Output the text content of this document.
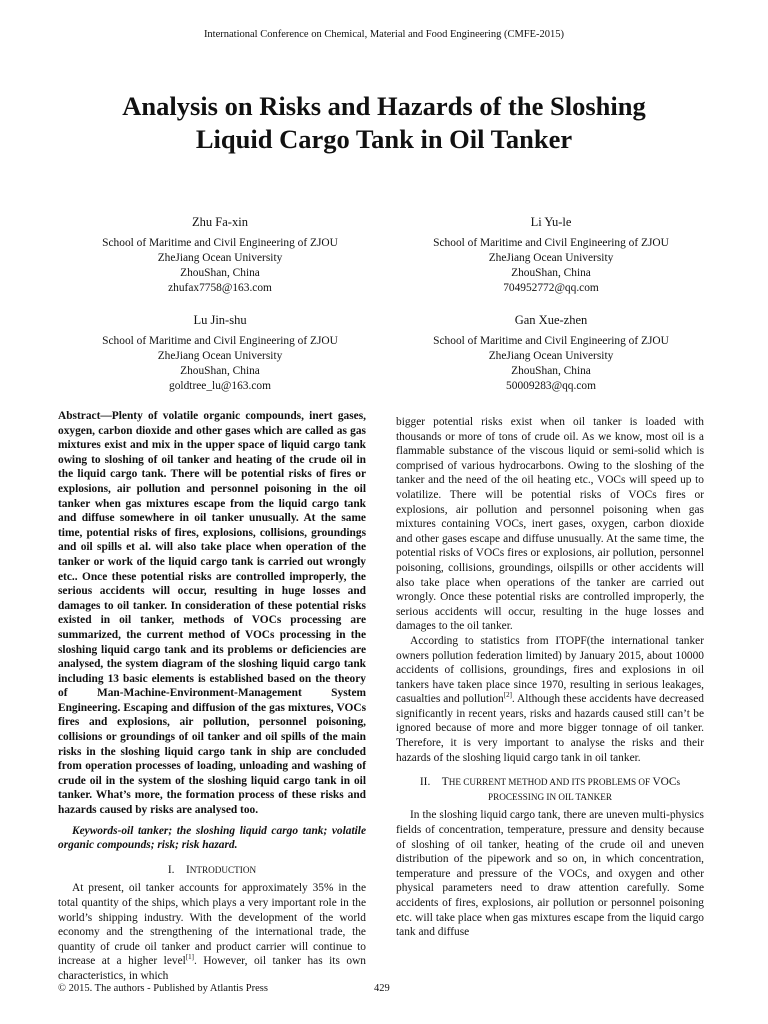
International Conference on Chemical, Material and Food Engineering (CMFE-2015)
Analysis on Risks and Hazards of the Sloshing
Liquid Cargo Tank in Oil Tanker
Zhu Fa-xin
School of Maritime and Civil Engineering of ZJOU
ZheJiang Ocean University
ZhouShan, China
zhufax7758@163.com
Li Yu-le
School of Maritime and Civil Engineering of ZJOU
ZheJiang Ocean University
ZhouShan, China
704952772@qq.com
Lu Jin-shu
School of Maritime and Civil Engineering of ZJOU
ZheJiang Ocean University
ZhouShan, China
goldtree_lu@163.com
Gan Xue-zhen
School of Maritime and Civil Engineering of ZJOU
ZheJiang Ocean University
ZhouShan, China
50009283@qq.com

Abstract—Plenty of volatile organic compounds, inert gases, oxygen, carbon dioxide and other gases which are called as gas mixtures exist and mix in the upper space of liquid cargo tank owing to sloshing of oil tanker and heating of the crude oil in the liquid cargo tank. There will be potential risks of fires or explosions, air pollution and personnel poisoning in the oil tanker when gas mixtures escape from the liquid cargo tank and diffuse somewhere in oil tanker unusually. At the same time, potential risks of fires, explosions, collisions, groundings and oil spills et al. will also take place when operation of the tanker or work of the liquid cargo tank is carried out wrongly etc.. Once these potential risks are controlled improperly, the serious accidents will occur, resulting in huge losses and damages to oil tanker. In consideration of these potential risks existed in oil tanker, methods of VOCs processing are summarized, the current method of VOCs processing in the sloshing liquid cargo tank and its problems or deficiencies are analysed, the system diagram of the sloshing liquid cargo tank including 13 basic elements is established based on the theory of Man-Machine-Environment-Management System Engineering. Escaping and diffusion of the gas mixtures, VOCs fires and explosions, air pollution, personnel poisoning, collisions or groundings of oil tanker and oil spills of the main risks in the sloshing liquid cargo tank in ship are concluded from operation processes of loading, unloading and washing of crude oil in the system of the sloshing liquid cargo tank in oil tanker. What’s more, the formation process of these risks and hazards caused by risks are analysed too.

Keywords-oil tanker; the sloshing liquid cargo tank; volatile organic compounds; risk; risk hazard.

I. INTRODUCTION

At present, oil tanker accounts for approximately 35% in the total quantity of the ships, which plays a very important role in the world’s shipping industry. With the development of the world economy and the strengthening of the international trade, the quantity of crude oil tanker and product carrier will continue to increase at a higher level[1]. However, oil tanker has its own characteristics, in which

bigger potential risks exist when oil tanker is loaded with thousands or more of tons of crude oil. As we know, most oil is a flammable substance of the viscous liquid or semi-solid which is comprised of various hydrocarbons. Owing to the sloshing of the tanker and the need of the oil heating etc., VOCs will speed up to volatilize. There will be potential risks of VOCs fires or explosions, air pollution and personnel poisoning when gas mixtures containing VOCs, inert gases, oxygen, carbon dioxide and other gases escape and diffuse unusually. At the same time, the potential risks of VOCs fires or explosions, air pollution, personnel poisoning, collisions, groundings, oilspills or other accidents will also take place when operations of the tanker are carried out wrongly. Once these potential risks are controlled improperly, the serious accidents will occur, resulting in the huge losses and damages to the oil tanker.

According to statistics from ITOPF(the international tanker owners pollution federation limited) by January 2015, about 10000 accidents of collisions, groundings, fires and explosions in oil tankers have taken place since 1970, resulting in serious leakages, casualties and pollution[2]. Although these accidents have decreased significantly in recent years, risks and hazards caused still can’t be ignored because of more and more bigger tonnage of oil tanker. Therefore, it is very important to analyse the risks and their hazards of the sloshing liquid cargo tank in oil tanker.

II. THE CURRENT METHOD AND ITS PROBLEMS OF VOCs
PROCESSING IN OIL TANKER

In the sloshing liquid cargo tank, there are uneven multi-physics fields of concentration, temperature, pressure and density because of sloshing of oil tanker, heating of the crude oil and uneven distribution of the pipework and so on, in which concentration, temperature and pressure of the VOCs, and oxygen and other physical parameters need to draw attention carefully. Some accidents of fires, explosions, air pollution or personnel poisoning etc. will take place when gas mixtures escape from the liquid cargo tank and diffuse

© 2015. The authors - Published by Atlantis Press	429
